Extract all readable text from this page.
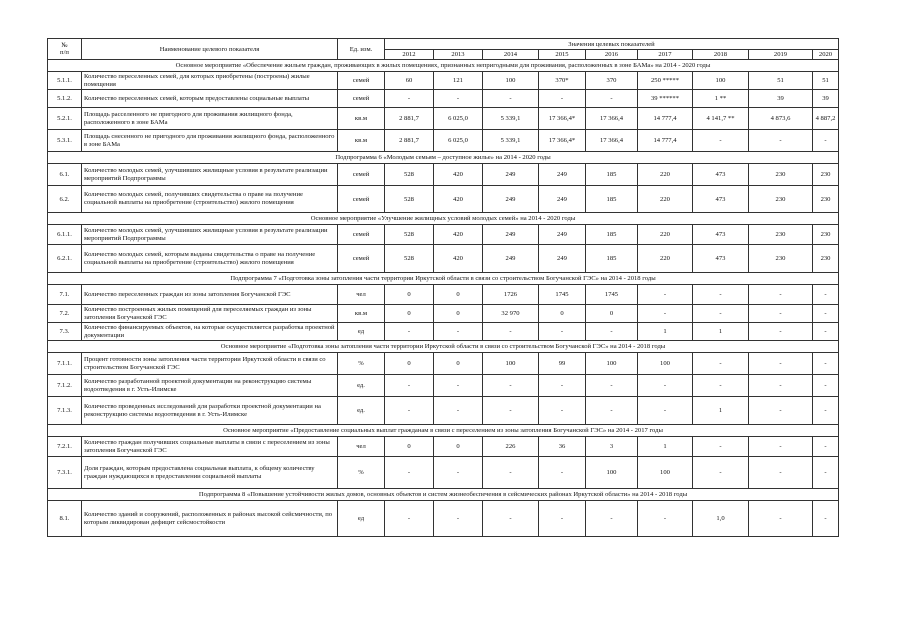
№
п/п	Наименование целевого показателя	Ед. изм.	Значения целевых показателей								
			2012	2013	2014	2015	2016	2017	2018	2019	2020
Основное мероприятие «Обеспечение жильем граждан, проживающих в жилых помещениях, признанных непригодными для проживания, расположенных в зоне БАМа» на 2014 - 2020 годы											
5.1.1.	Количество переселенных семей, для которых приобретены (построены) жилые помещения	семей	60	121	100	370*	370	250 *****	100	51	51
5.1.2.	Количество переселенных семей, которым предоставлены социальные выплаты	семей	-	-	-	-	-	39 ******	1 **	39	39
5.2.1.	Площадь расселенного не пригодного для проживания жилищного фонда, расположенного в зоне БАМа	кв.м	2 881,7	6 025,0	5 339,1	17 366,4*	17 366,4	14 777,4	4 141,7 **	4 873,6	4 887,2
5.3.1.	Площадь снесенного не пригодного для проживания жилищного фонда, расположенного в зоне БАМа	кв.м	2 881,7	6 025,0	5 339,1	17 366,4*	17 366,4	14 777,4	-	-	-
Подпрограмма 6 «Молодым семьям – доступное жилье» на 2014 - 2020 годы											
6.1.	Количество молодых семей, улучшивших жилищные условия в результате реализации мероприятий Подпрограммы	семей	528	420	249	249	185	220	473	230	230
6.2.	Количество молодых семей, получивших свидетельства о праве на получение социальной выплаты на приобретение (строительство) жилого помещения	семей	528	420	249	249	185	220	473	230	230
Основное мероприятие «Улучшение жилищных условий молодых семей» на 2014 - 2020 годы											
6.1.1.	Количество молодых семей, улучшивших жилищные условия в результате реализации мероприятий Подпрограммы	семей	528	420	249	249	185	220	473	230	230
6.2.1.	Количество молодых семей, которым выданы свидетельства о праве на получение социальной выплаты на приобретение (строительство) жилого помещения	семей	528	420	249	249	185	220	473	230	230
Подпрограмма 7 «Подготовка зоны затопления части территории Иркутской области в связи со строительством Богучанской ГЭС» на 2014 - 2018 годы											
7.1.	Количество переселенных граждан из зоны затопления Богучанской ГЭС	чел	0	0	1726	1745	1745	-	-	-	-
7.2.	Количество построенных жилых помещений для переселяемых граждан из зоны затопления Богучанской ГЭС	кв.м	0	0	32 970	0	0	-	-	-	-
7.3.	Количество финансируемых объектов, на которые осуществляется разработка проектной документации	ед	-	-	-	-	-	1	1	-	-
Основное мероприятие «Подготовка зоны затопления части территории Иркутской области в связи со строительством Богучанской ГЭС» на 2014 - 2018 годы											
7.1.1.	Процент готовности зоны затопления части территории Иркутской области в связи со строительством Богучанской ГЭС	%	0	0	100	99	100	100	-	-	-
7.1.2.	Количество разработанной проектной документации на реконструкцию системы водоотведения в г. Усть-Илимске	ед.	-	-	-	-	-	-	-	-	-
7.1.3.	Количество проведенных исследований для разработки проектной документации на реконструкцию системы водоотведения в г. Усть-Илимске	ед.	-	-	-	-	-	-	1	-	-
Основное мероприятие «Предоставление социальных выплат гражданам в связи с переселением из зоны затопления Богучанской ГЭС» на 2014 - 2017 годы											
7.2.1.	Количество граждан получивших социальные выплаты в связи с переселением из зоны затопления Богучанской ГЭС	чел	0	0	226	36	3	1	-	-	-
7.3.1.	Доля граждан, которым предоставлена социальная выплата, к общему количеству граждан нуждающихся в предоставлении социальной выплаты	%	-	-	-	-	100	100	-	-	-
Подпрограмма 8 «Повышение устойчивости жилых домов, основных объектов и систем жизнеобеспечения в сейсмических районах Иркутской области» на 2014 - 2018 годы											
8.1.	Количество зданий и сооружений, расположенных в районах высокой сейсмичности, по которым ликвидирован дефицит сейсмостойкости	ед	-	-	-	-	-	-	1,0	-	-
